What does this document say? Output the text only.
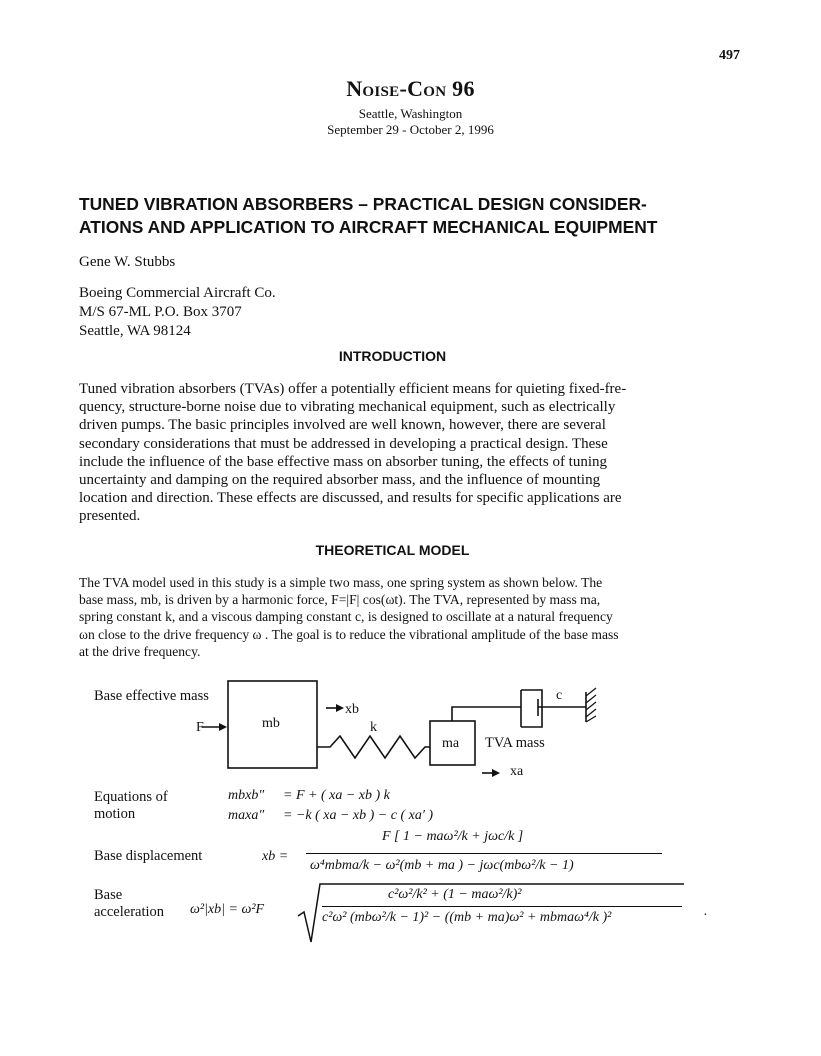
497
Noise-Con 96
Seattle, Washington
September 29 - October 2, 1996
TUNED VIBRATION ABSORBERS – PRACTICAL DESIGN CONSIDER-
ATIONS AND APPLICATION TO AIRCRAFT MECHANICAL EQUIPMENT
Gene W. Stubbs
Boeing Commercial Aircraft Co.
M/S 67-ML P.O. Box 3707
Seattle, WA 98124
INTRODUCTION
Tuned vibration absorbers (TVAs) offer a potentially efficient means for quieting fixed-fre-
quency, structure-borne noise due to vibrating mechanical equipment, such as electrically
driven pumps. The basic principles involved are well known, however, there are several
secondary considerations that must be addressed in developing a practical design. These
include the influence of the base effective mass on absorber tuning, the effects of tuning
uncertainty and damping on the required absorber mass, and the influence of mounting
location and direction. These effects are discussed, and results for specific applications are
presented.
THEORETICAL MODEL
The TVA model used in this study is a simple two mass, one spring system as shown below. The
base mass, mb, is driven by a harmonic force, F=|F| cos(ωt). The TVA, represented by mass ma,
spring constant k, and a viscous damping constant c, is designed to oscillate at a natural frequency
ωn close to the drive frequency ω . The goal is to reduce the vibrational amplitude of the base mass
at the drive frequency.
Base effective mass
F	mb
xb
k
c
ma TVA mass
xa
Equations of
motion
mbxb″ = F + ( xa − xb ) k
maxa″ = −k ( xa − xb ) − c ( xa′ )
Base displacement	xb =
F [ 1 − maω²/k + jωc/k ]
ω⁴mbma/k − ω²(mb + ma ) − jωc(mbω²/k − 1)
Base
acceleration ω²|xb| = ω²F
c²ω²/k² + (1 − maω²/k)²
c²ω² (mbω²/k − 1)² − ((mb + ma)ω² + mbmaω⁴/k )²	.
